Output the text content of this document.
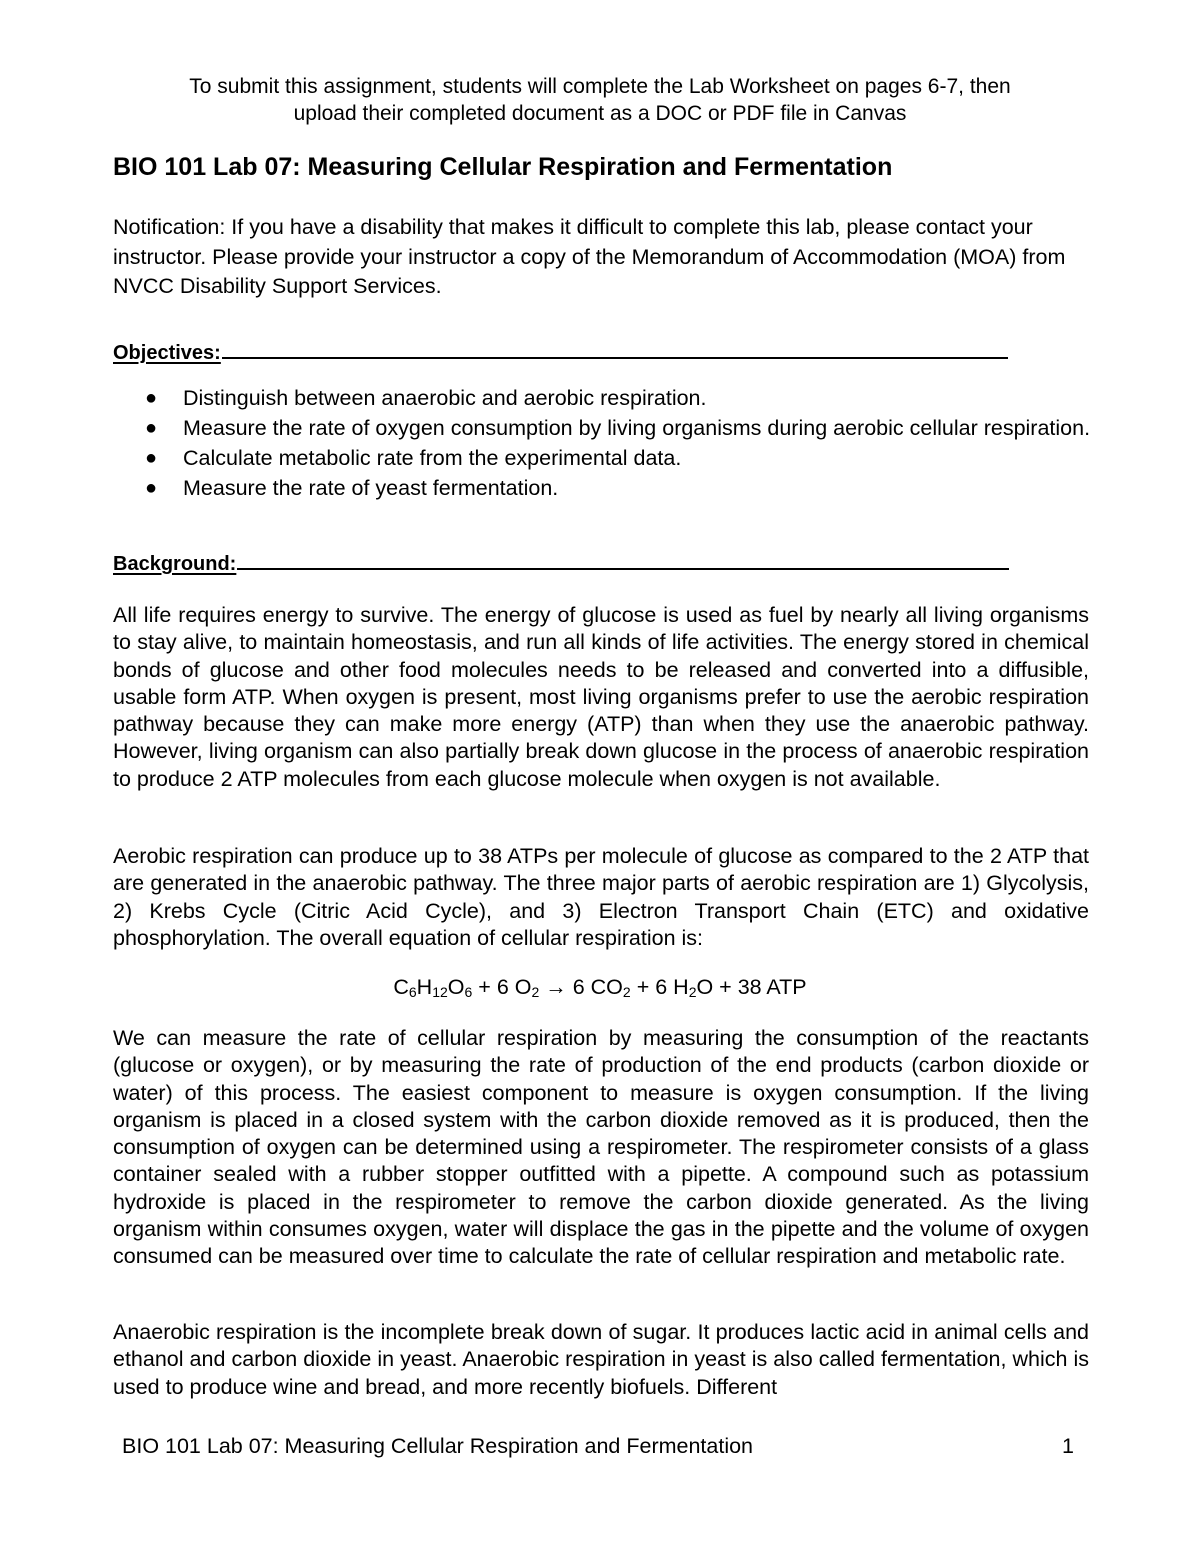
To submit this assignment, students will complete the Lab Worksheet on pages 6-7, then
upload their completed document as a DOC or PDF file in Canvas
BIO 101 Lab 07: Measuring Cellular Respiration and Fermentation
Notification: If you have a disability that makes it difficult to complete this lab, please contact your instructor. Please provide your instructor a copy of the Memorandum of Accommodation (MOA) from NVCC Disability Support Services.
Objectives:
● Distinguish between anaerobic and aerobic respiration.
● Measure the rate of oxygen consumption by living organisms during aerobic cellular respiration.
● Calculate metabolic rate from the experimental data.
● Measure the rate of yeast fermentation.
Background:
All life requires energy to survive. The energy of glucose is used as fuel by nearly all living organisms to stay alive, to maintain homeostasis, and run all kinds of life activities. The energy stored in chemical bonds of glucose and other food molecules needs to be released and converted into a diffusible, usable form ATP. When oxygen is present, most living organisms prefer to use the aerobic respiration pathway because they can make more energy (ATP) than when they use the anaerobic pathway. However, living organism can also partially break down glucose in the process of anaerobic respiration to produce 2 ATP molecules from each glucose molecule when oxygen is not available.
Aerobic respiration can produce up to 38 ATPs per molecule of glucose as compared to the 2 ATP that are generated in the anaerobic pathway. The three major parts of aerobic respiration are 1) Glycolysis, 2) Krebs Cycle (Citric Acid Cycle), and 3) Electron Transport Chain (ETC) and oxidative phosphorylation. The overall equation of cellular respiration is:
$C_6H_{12}O_6 + 6$ $O_2 \to 6$ $CO_2 + 6$ $H_2O + 38$ ATP
We can measure the rate of cellular respiration by measuring the consumption of the reactants (glucose or oxygen), or by measuring the rate of production of the end products (carbon dioxide or water) of this process. The easiest component to measure is oxygen consumption. If the living organism is placed in a closed system with the carbon dioxide removed as it is produced, then the consumption of oxygen can be determined using a respirometer. The respirometer consists of a glass container sealed with a rubber stopper outfitted with a pipette. A compound such as potassium hydroxide is placed in the respirometer to remove the carbon dioxide generated. As the living organism within consumes oxygen, water will displace the gas in the pipette and the volume of oxygen consumed can be measured over time to calculate the rate of cellular respiration and metabolic rate.
Anaerobic respiration is the incomplete break down of sugar. It produces lactic acid in animal cells and ethanol and carbon dioxide in yeast. Anaerobic respiration in yeast is also called fermentation, which is used to produce wine and bread, and more recently biofuels. Different
BIO 101 Lab 07: Measuring Cellular Respiration and Fermentation	1
